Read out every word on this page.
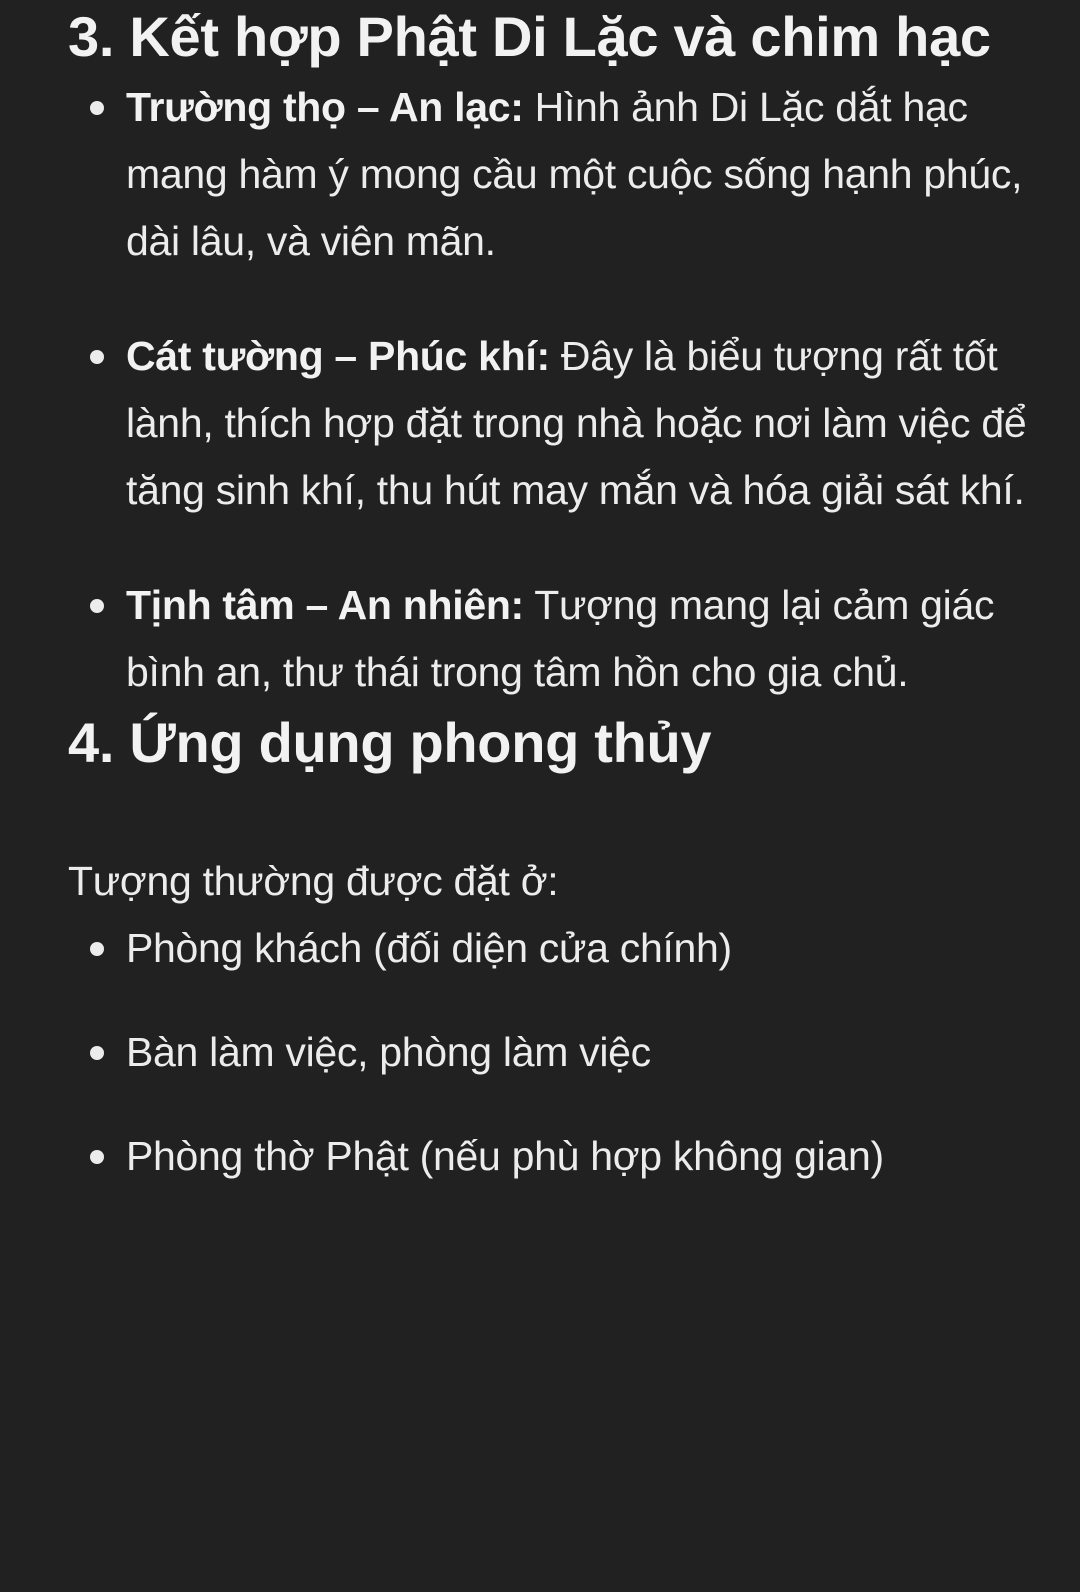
3. Kết hợp Phật Di Lặc và chim hạc
Trường thọ – An lạc: Hình ảnh Di Lặc dắt hạc mang hàm ý mong cầu một cuộc sống hạnh phúc, dài lâu, và viên mãn.
Cát tường – Phúc khí: Đây là biểu tượng rất tốt lành, thích hợp đặt trong nhà hoặc nơi làm việc để tăng sinh khí, thu hút may mắn và hóa giải sát khí.
Tịnh tâm – An nhiên: Tượng mang lại cảm giác bình an, thư thái trong tâm hồn cho gia chủ.
4. Ứng dụng phong thủy

Tượng thường được đặt ở:

Phòng khách (đối diện cửa chính)
Bàn làm việc, phòng làm việc
Phòng thờ Phật (nếu phù hợp không gian)
